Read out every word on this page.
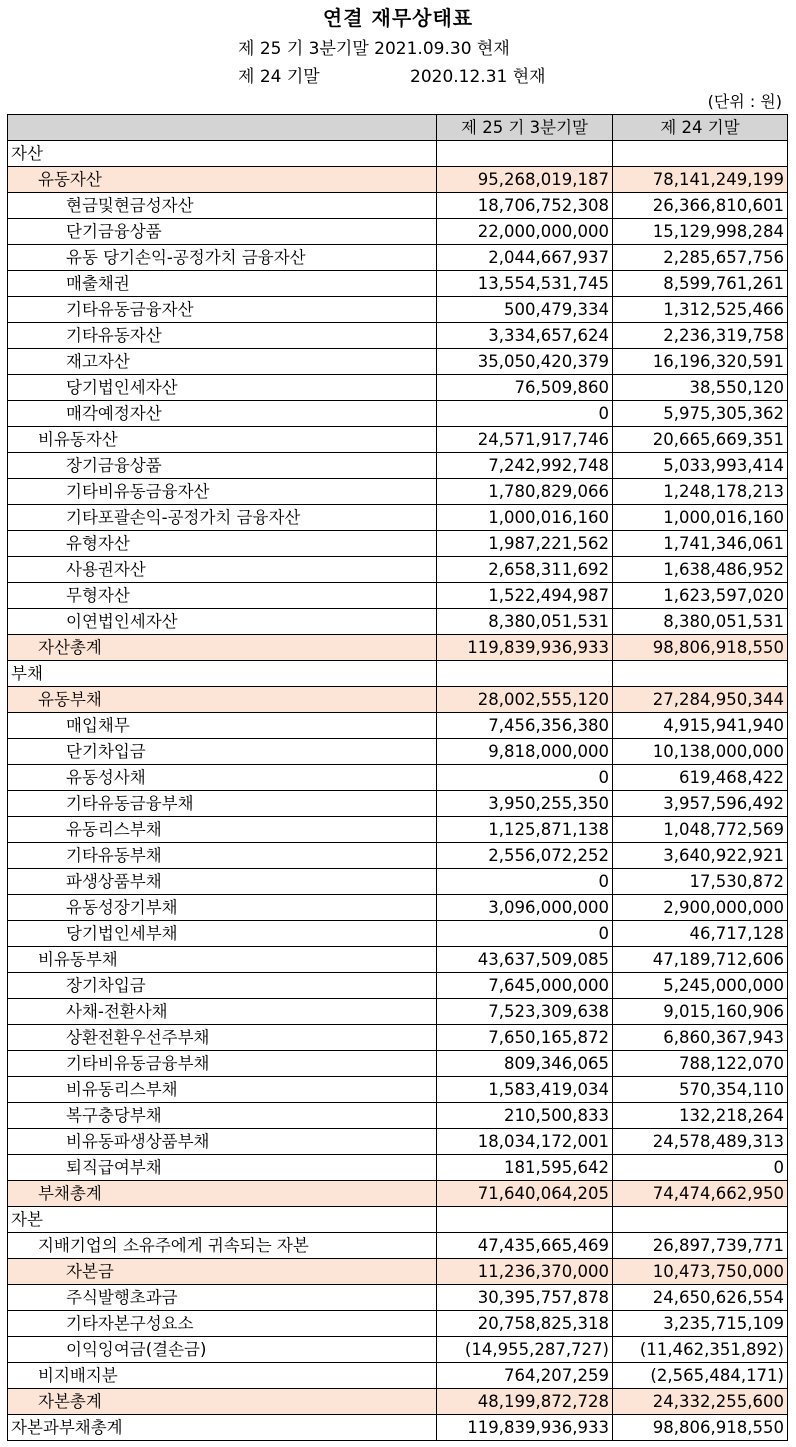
연결 재무상태표
제 25 기 3분기말 2021.09.30 현재
제 24 기말	2020.12.31 현재
(단위 : 원)
	제 25 기 3분기말	제 24 기말
자산		
유동자산	95,268,019,187	78,141,249,199
현금및현금성자산	18,706,752,308	26,366,810,601
단기금융상품	22,000,000,000	15,129,998,284
유동 당기손익-공정가치 금융자산	2,044,667,937	2,285,657,756
매출채권	13,554,531,745	8,599,761,261
기타유동금융자산	500,479,334	1,312,525,466
기타유동자산	3,334,657,624	2,236,319,758
재고자산	35,050,420,379	16,196,320,591
당기법인세자산	76,509,860	38,550,120
매각예정자산	0	5,975,305,362
비유동자산	24,571,917,746	20,665,669,351
장기금융상품	7,242,992,748	5,033,993,414
기타비유동금융자산	1,780,829,066	1,248,178,213
기타포괄손익-공정가치 금융자산	1,000,016,160	1,000,016,160
유형자산	1,987,221,562	1,741,346,061
사용권자산	2,658,311,692	1,638,486,952
무형자산	1,522,494,987	1,623,597,020
이연법인세자산	8,380,051,531	8,380,051,531
자산총계	119,839,936,933	98,806,918,550
부채		
유동부채	28,002,555,120	27,284,950,344
매입채무	7,456,356,380	4,915,941,940
단기차입금	9,818,000,000	10,138,000,000
유동성사채	0	619,468,422
기타유동금융부채	3,950,255,350	3,957,596,492
유동리스부채	1,125,871,138	1,048,772,569
기타유동부채	2,556,072,252	3,640,922,921
파생상품부채	0	17,530,872
유동성장기부채	3,096,000,000	2,900,000,000
당기법인세부채	0	46,717,128
비유동부채	43,637,509,085	47,189,712,606
장기차입금	7,645,000,000	5,245,000,000
사채-전환사채	7,523,309,638	9,015,160,906
상환전환우선주부채	7,650,165,872	6,860,367,943
기타비유동금융부채	809,346,065	788,122,070
비유동리스부채	1,583,419,034	570,354,110
복구충당부채	210,500,833	132,218,264
비유동파생상품부채	18,034,172,001	24,578,489,313
퇴직급여부채	181,595,642	0
부채총계	71,640,064,205	74,474,662,950
자본		
지배기업의 소유주에게 귀속되는 자본	47,435,665,469	26,897,739,771
자본금	11,236,370,000	10,473,750,000
주식발행초과금	30,395,757,878	24,650,626,554
기타자본구성요소	20,758,825,318	3,235,715,109
이익잉여금(결손금)	(14,955,287,727)	(11,462,351,892)
비지배지분	764,207,259	(2,565,484,171)
자본총계	48,199,872,728	24,332,255,600
자본과부채총계	119,839,936,933	98,806,918,550
